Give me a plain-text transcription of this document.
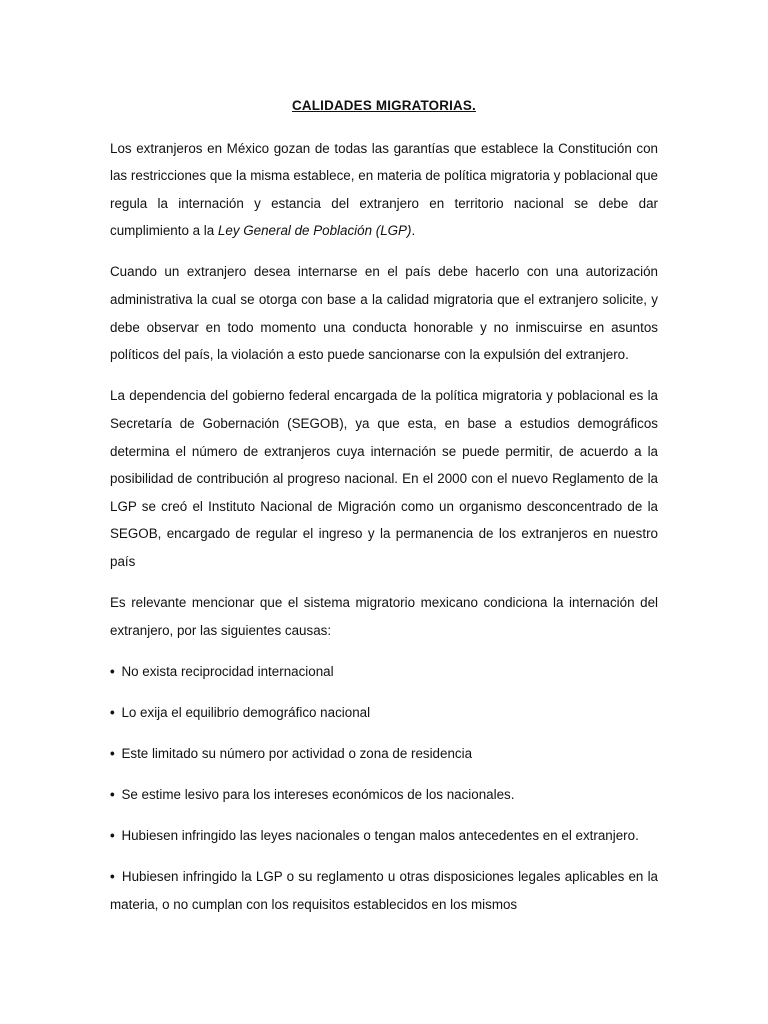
CALIDADES MIGRATORIAS.

Los extranjeros en México gozan de todas las garantías que establece la Constitución con las restricciones que la misma establece, en materia de política migratoria y poblacional que regula la internación y estancia del extranjero en territorio nacional se debe dar cumplimiento a la Ley General de Población (LGP).

Cuando un extranjero desea internarse en el país debe hacerlo con una autorización administrativa la cual se otorga con base a la calidad migratoria que el extranjero solicite, y debe observar en todo momento una conducta honorable y no inmiscuirse en asuntos políticos del país, la violación a esto puede sancionarse con la expulsión del extranjero.

La dependencia del gobierno federal encargada de la política migratoria y poblacional es la Secretaría de Gobernación (SEGOB), ya que esta, en base a estudios demográficos determina el número de extranjeros cuya internación se puede permitir, de acuerdo a la posibilidad de contribución al progreso nacional. En el 2000 con el nuevo Reglamento de la LGP se creó el Instituto Nacional de Migración como un organismo desconcentrado de la SEGOB, encargado de regular el ingreso y la permanencia de los extranjeros en nuestro país

Es relevante mencionar que el sistema migratorio mexicano condiciona la internación del extranjero, por las siguientes causas:

• No exista reciprocidad internacional

• Lo exija el equilibrio demográfico nacional

• Este limitado su número por actividad o zona de residencia

• Se estime lesivo para los intereses económicos de los nacionales.

• Hubiesen infringido las leyes nacionales o tengan malos antecedentes en el extranjero.

• Hubiesen infringido la LGP o su reglamento u otras disposiciones legales aplicables en la materia, o no cumplan con los requisitos establecidos en los mismos
